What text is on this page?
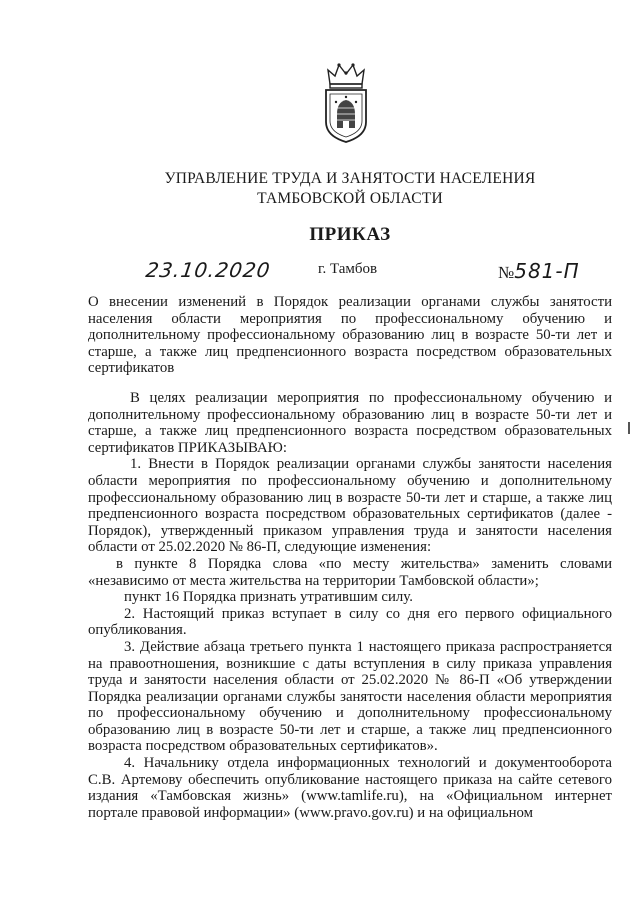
УПРАВЛЕНИЕ ТРУДА И ЗАНЯТОСТИ НАСЕЛЕНИЯ
ТАМБОВСКОЙ ОБЛАСТИ
ПРИКАЗ
23.10.2020	г. Тамбов	№581-П
О внесении изменений в Порядок реализации органами службы занятости населения области мероприятия по профессиональному обучению и дополнительному профессиональному образованию лиц в возрасте 50-ти лет и старше, а также лиц предпенсионного возраста посредством образовательных сертификатов

В целях реализации мероприятия по профессиональному обучению и дополнительному профессиональному образованию лиц в возрасте 50-ти лет и старше, а также лиц предпенсионного возраста посредством образовательных сертификатов ПРИКАЗЫВАЮ:

1. Внести в Порядок реализации органами службы занятости населения области мероприятия по профессиональному обучению и дополнительному профессиональному образованию лиц в возрасте 50-ти лет и старше, а также лиц предпенсионного возраста посредством образовательных сертификатов (далее - Порядок), утвержденный приказом управления труда и занятости населения области от 25.02.2020 № 86-П, следующие изменения:

в пункте 8 Порядка слова «по месту жительства» заменить словами «независимо от места жительства на территории Тамбовской области»;

пункт 16 Порядка признать утратившим силу.

2. Настоящий приказ вступает в силу со дня его первого официального опубликования.

3. Действие абзаца третьего пункта 1 настоящего приказа распространяется на правоотношения, возникшие с даты вступления в силу приказа управления труда и занятости населения области от 25.02.2020 № 86-П «Об утверждении Порядка реализации органами службы занятости населения области мероприятия по профессиональному обучению и дополнительному профессиональному образованию лиц в возрасте 50-ти лет и старше, а также лиц предпенсионного возраста посредством образовательных сертификатов».

4. Начальнику отдела информационных технологий и документооборота С.В. Артемову обеспечить опубликование настоящего приказа на сайте сетевого издания «Тамбовская жизнь» (www.tamlife.ru), на «Официальном интернет портале правовой информации» (www.pravo.gov.ru) и на официальном
